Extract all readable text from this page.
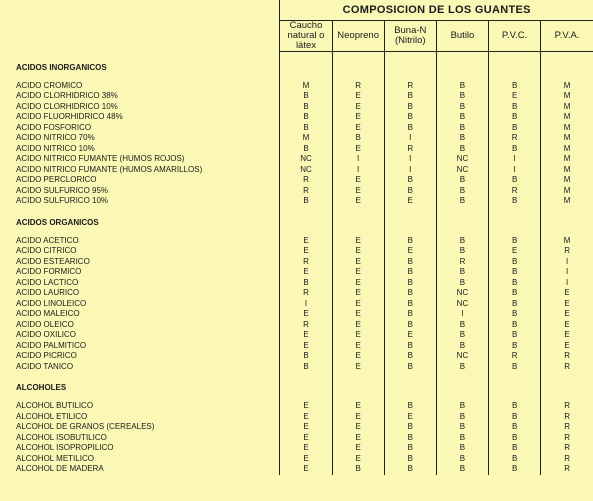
	COMPOSICION DE LOS GUANTES					
	Caucho natural o látex	Neopreno	Buna-N (Nitrilo)	Butilo	P.V.C.	P.V.A.
ACIDOS INORGANICOS						

ACIDO CROMICO	M	R	R	B	B	M
ACIDO CLORHIDRICO 38%	B	E	B	B	E	M
ACIDO CLORHIDRICO 10%	B	E	B	B	B	M
ACIDO FLUORHIDRICO 48%	B	E	B	B	B	M
ACIDO FOSFORICO	B	E	B	B	B	M
ACIDO NITRICO 70%	M	B	I	B	R	M
ACIDO NITRICO 10%	B	E	R	B	B	M
ACIDO NITRICO FUMANTE (HUMOS ROJOS)	NC	I	I	NC	I	M
ACIDO NITRICO FUMANTE (HUMOS AMARILLOS)	NC	I	I	NC	I	M
ACIDO PERCLORICO	R	E	B	B	B	M
ACIDO SULFURICO 95%	R	E	B	B	R	M
ACIDO SULFURICO 10%	B	E	E	B	B	M
ACIDOS ORGANICOS						

ACIDO ACETICO	E	E	B	B	B	M
ACIDO CITRICO	E	E	E	B	E	R
ACIDO ESTEARICO	R	E	B	R	B	I
ACIDO FORMICO	E	E	B	B	B	I
ACIDO LACTICO	B	E	B	B	B	I
ACIDO LAURICO	R	E	B	NC	B	E
ACIDO LINOLEICO	I	E	B	NC	B	E
ACIDO MALEICO	E	E	B	I	B	E
ACIDO OLEICO	R	E	B	B	B	E
ACIDO OXILICO	E	E	E	B	B	E
ACIDO PALMITICO	E	E	B	B	B	E
ACIDO PICRICO	B	E	B	NC	R	R
ACIDO TANICO	B	E	B	B	B	R
ALCOHOLES						

ALCOHOL BUTILICO	E	E	B	B	B	R
ALCOHOL ETILICO	E	E	E	B	B	R
ALCOHOL DE GRANOS (CEREALES)	E	E	B	B	B	R
ALCOHOL ISOBUTILICO	E	E	B	B	B	R
ALCOHOL ISOPROPILICO	E	E	B	B	B	R
ALCOHOL METILICO	E	E	B	B	B	R
ALCOHOL DE MADERA	E	B	B	B	B	R
